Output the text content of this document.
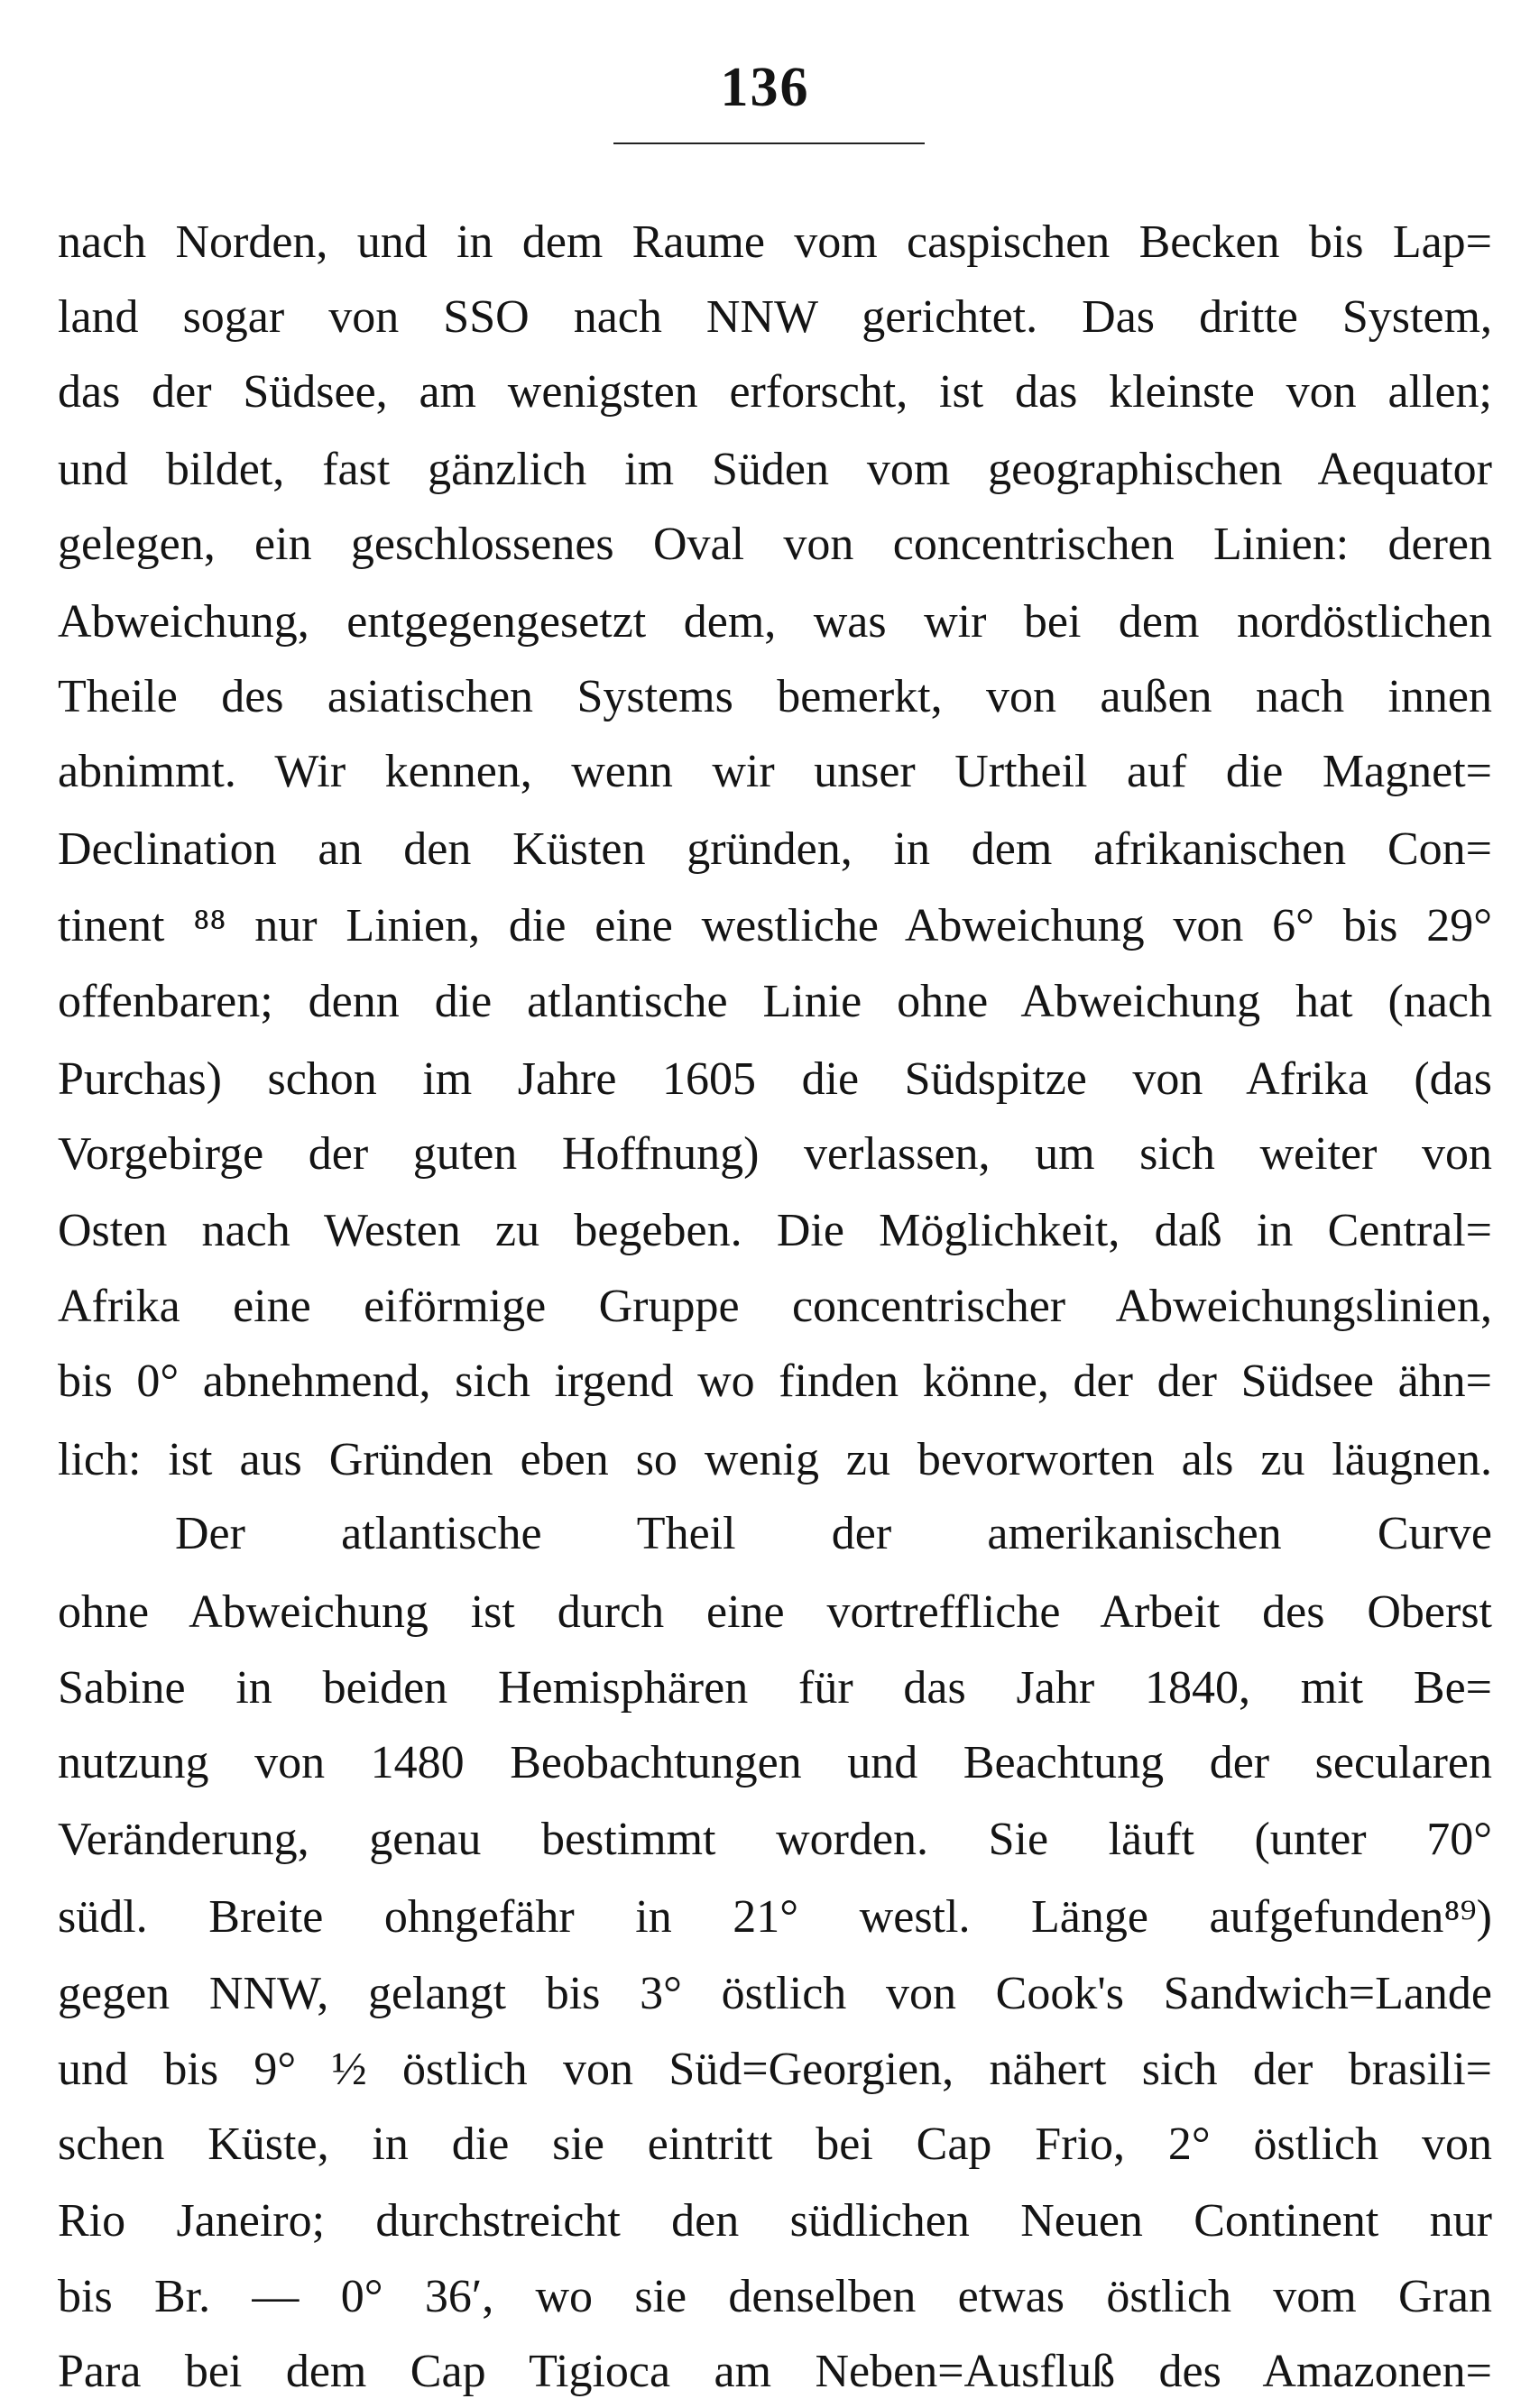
136
nach Norden, und in dem Raume vom caspischen Becken bis Lap=
land sogar von SSO nach NNW gerichtet. Das dritte System,
das der Südsee, am wenigsten erforscht, ist das kleinste von allen;
und bildet, fast gänzlich im Süden vom geographischen Aequator
gelegen, ein geschlossenes Oval von concentrischen Linien: deren
Abweichung, entgegengesetzt dem, was wir bei dem nordöstlichen
Theile des asiatischen Systems bemerkt, von außen nach innen
abnimmt. Wir kennen, wenn wir unser Urtheil auf die Magnet=
Declination an den Küsten gründen, in dem afrikanischen Con=
tinent ⁸⁸ nur Linien, die eine westliche Abweichung von 6° bis 29°
offenbaren; denn die atlantische Linie ohne Abweichung hat (nach
Purchas) schon im Jahre 1605 die Südspitze von Afrika (das
Vorgebirge der guten Hoffnung) verlassen, um sich weiter von
Osten nach Westen zu begeben. Die Möglichkeit, daß in Central=
Afrika eine eiförmige Gruppe concentrischer Abweichungslinien,
bis 0° abnehmend, sich irgend wo finden könne, der der Südsee ähn=
lich: ist aus Gründen eben so wenig zu bevorworten als zu läugnen.
Der atlantische Theil der amerikanischen Curve
ohne Abweichung ist durch eine vortreffliche Arbeit des Oberst
Sabine in beiden Hemisphären für das Jahr 1840, mit Be=
nutzung von 1480 Beobachtungen und Beachtung der secularen
Veränderung, genau bestimmt worden. Sie läuft (unter 70°
südl. Breite ohngefähr in 21° westl. Länge aufgefunden⁸⁹)
gegen NNW, gelangt bis 3° östlich von Cook's Sandwich=Lande
und bis 9° ½ östlich von Süd=Georgien, nähert sich der brasili=
schen Küste, in die sie eintritt bei Cap Frio, 2° östlich von
Rio Janeiro; durchstreicht den südlichen Neuen Continent nur
bis Br. — 0° 36′, wo sie denselben etwas östlich vom Gran
Para bei dem Cap Tigioca am Neben=Ausfluß des Amazonen=
